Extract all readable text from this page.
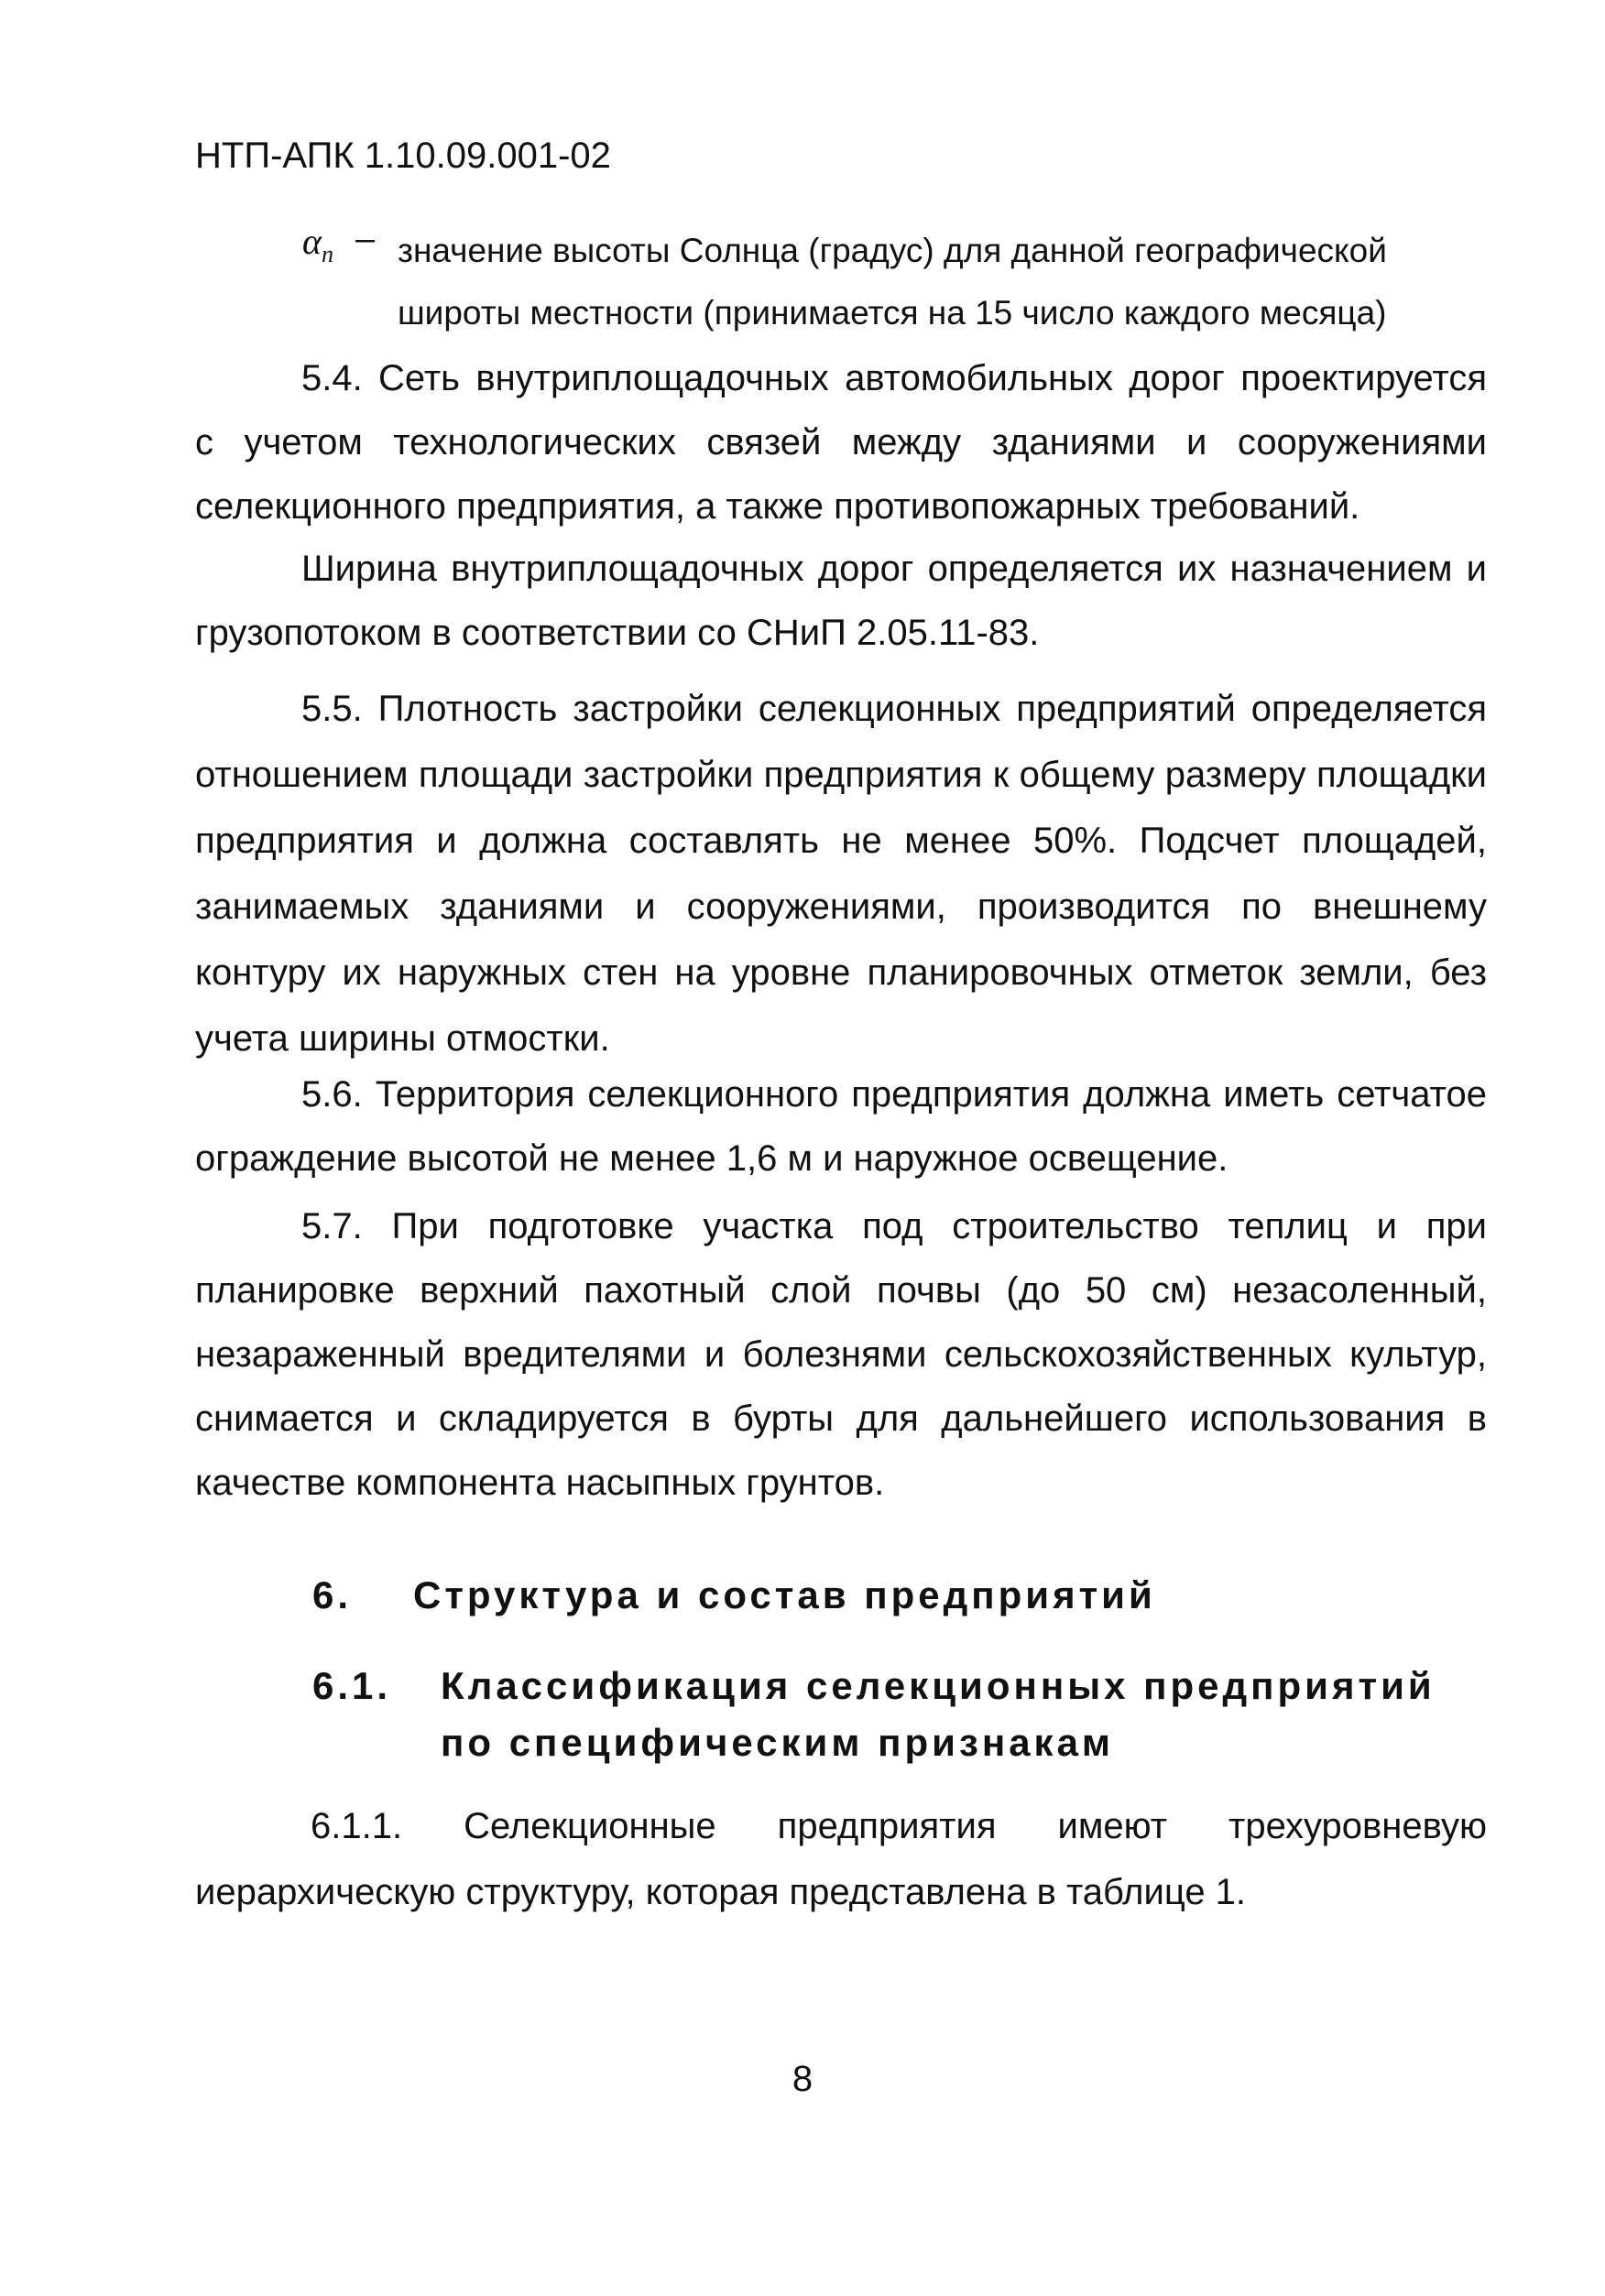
НТП-АПК 1.10.09.001-02
$\alpha_n$ – значение высоты Солнца (градус) для данной географической широты местности (принимается на 15 число каждого месяца)

5.4. Сеть внутриплощадочных автомобильных дорог проектируется с учетом технологических связей между зданиями и сооружениями селекционного предприятия, а также противопожарных требований.

Ширина внутриплощадочных дорог определяется их назначением и грузопотоком в соответствии со СНиП 2.05.11-83.

5.5. Плотность застройки селекционных предприятий определяется отношением площади застройки предприятия к общему размеру площадки предприятия и должна составлять не менее 50%. Подсчет площадей, занимаемых зданиями и сооружениями, производится по внешнему контуру их наружных стен на уровне планировочных отметок земли, без учета ширины отмостки.

5.6. Территория селекционного предприятия должна иметь сетчатое ограждение высотой не менее 1,6 м и наружное освещение.

5.7. При подготовке участка под строительство теплиц и при планировке верхний пахотный слой почвы (до 50 см) незасоленный, незараженный вредителями и болезнями сельскохозяйственных культур, снимается и складируется в бурты для дальнейшего использования в качестве компонента насыпных грунтов.

6. Структура и состав предприятий
6.1. Классификация селекционных предприятий
по специфическим признакам

6.1.1. Селекционные предприятия имеют трехуровневую иерархическую структуру, которая представлена в таблице 1.

8
